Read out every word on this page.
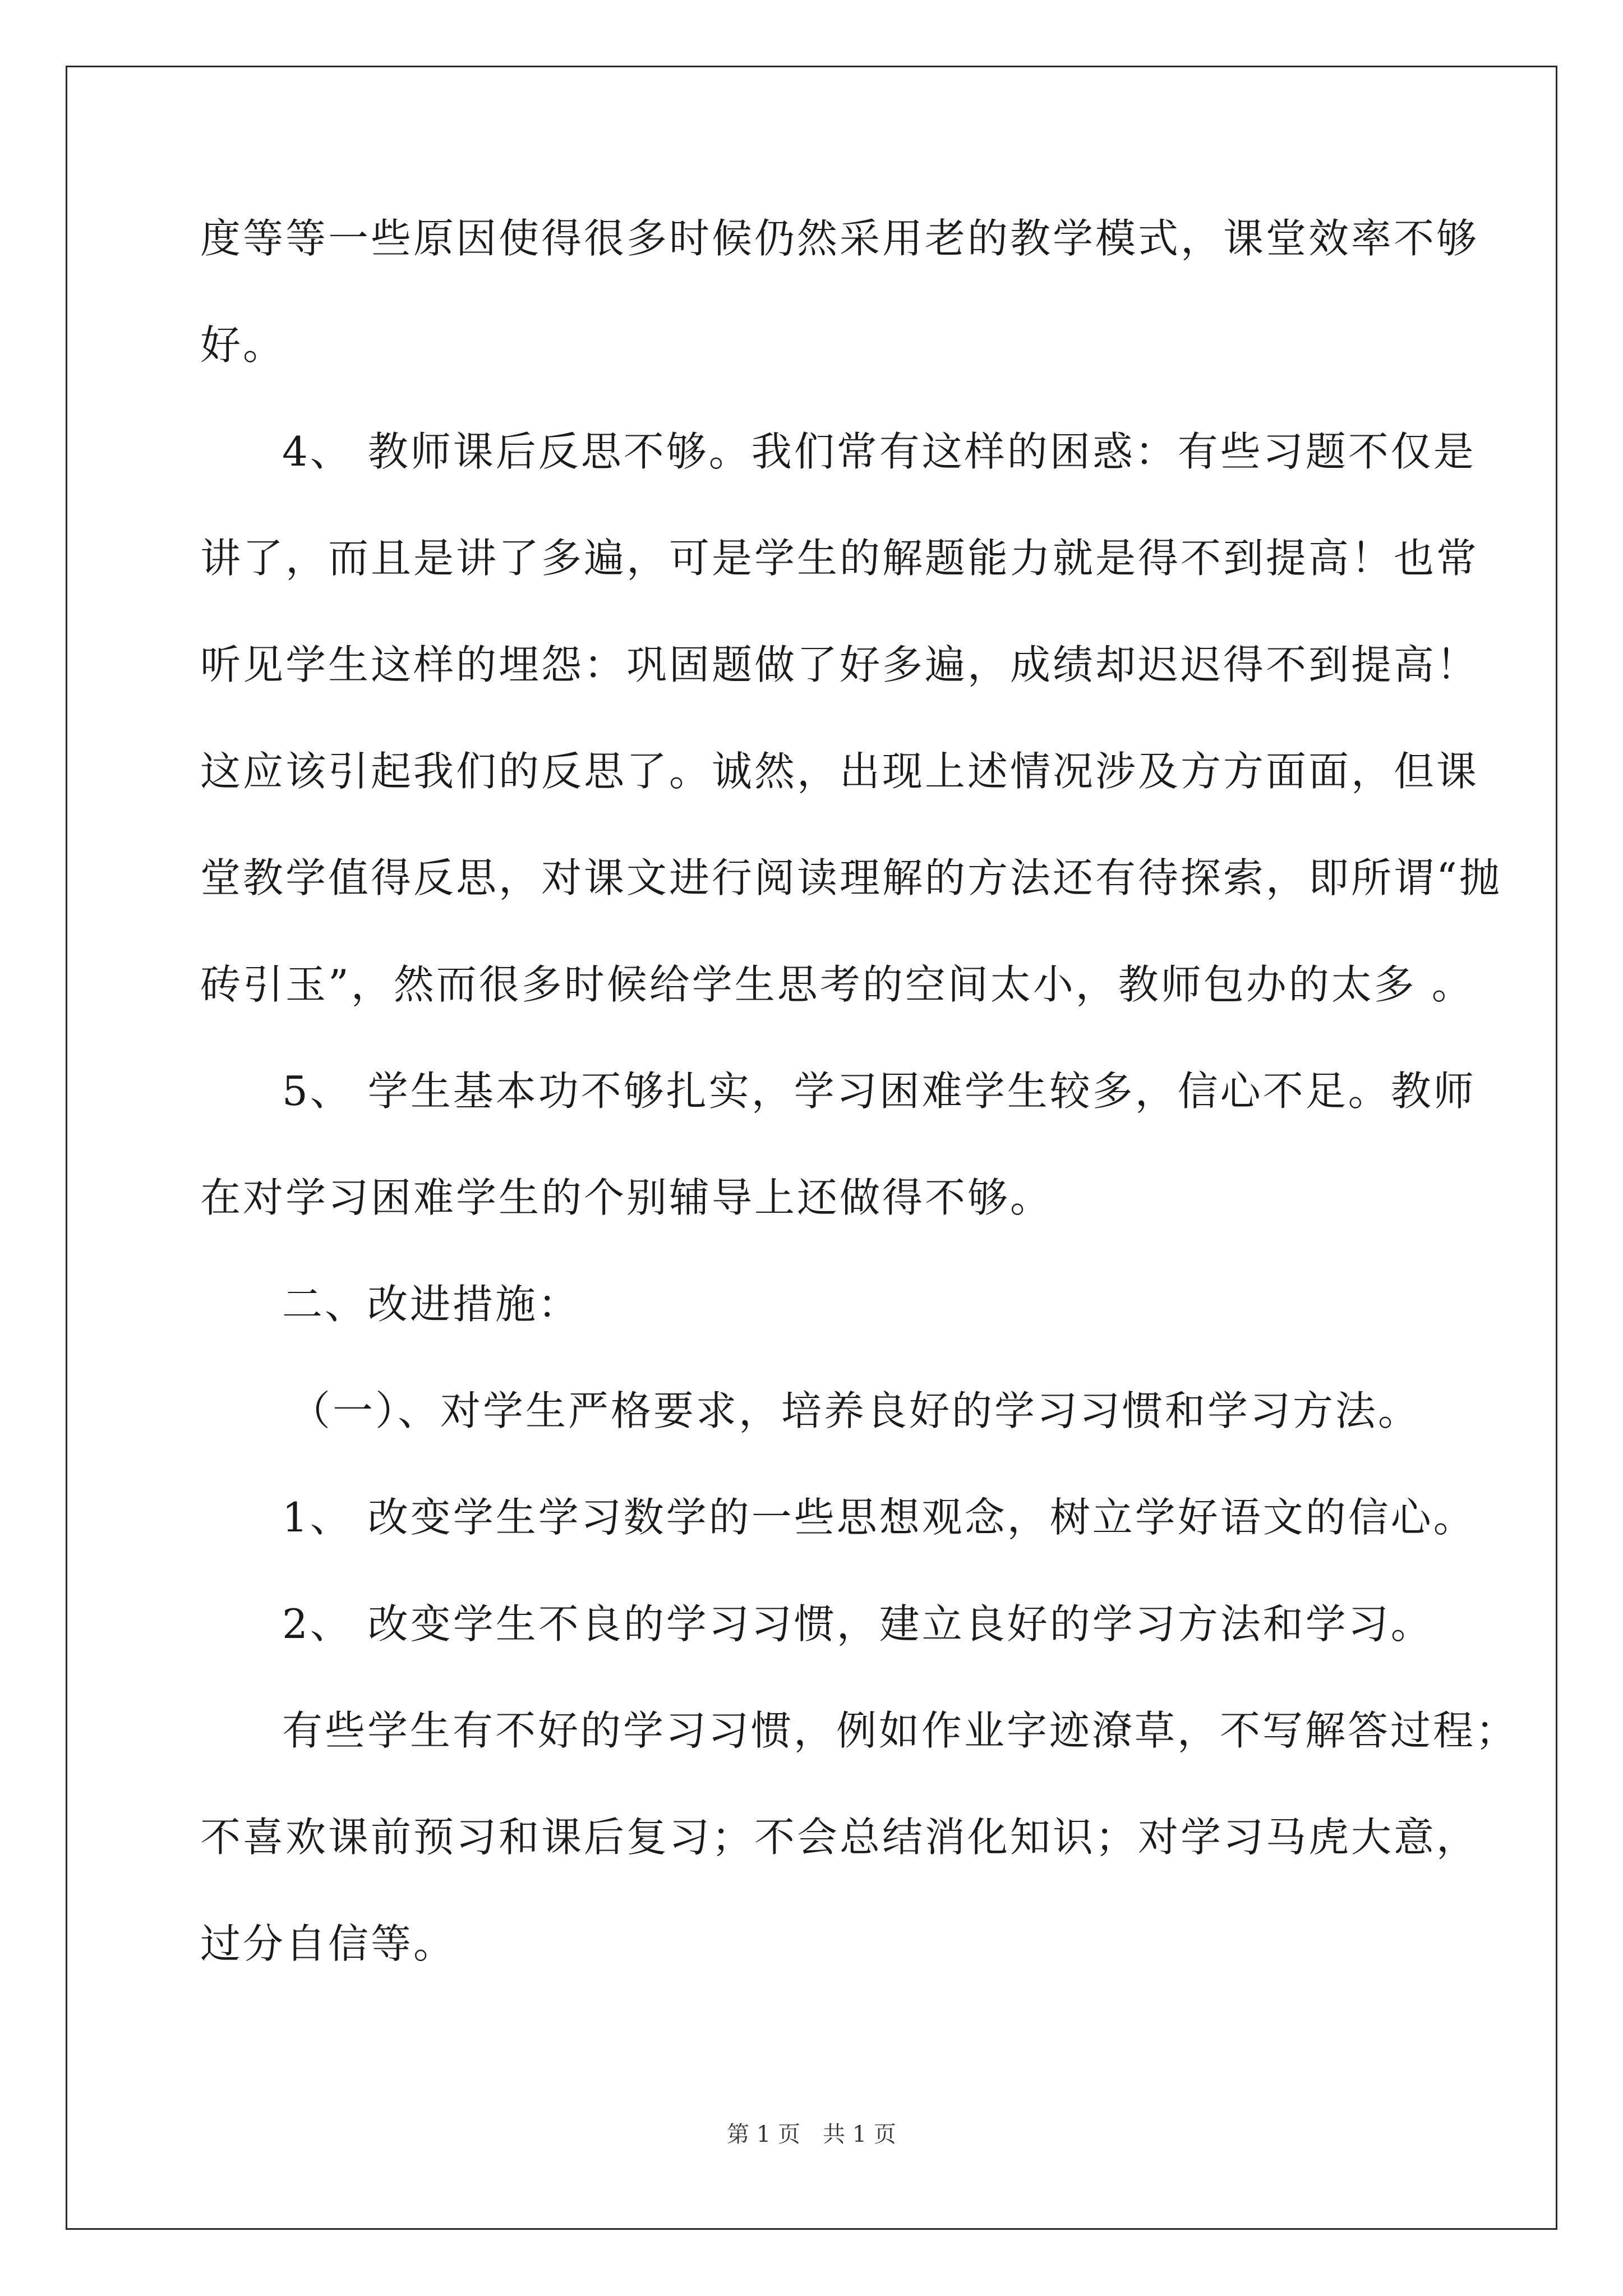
度等等一些原因使得很多时候仍然采用老的教学模式，课堂效率不够
好。
4、 教师课后反思不够。我们常有这样的困惑：有些习题不仅是
讲了，而且是讲了多遍，可是学生的解题能力就是得不到提高！也常
听见学生这样的埋怨：巩固题做了好多遍，成绩却迟迟得不到提高！
这应该引起我们的反思了。诚然，出现上述情况涉及方方面面，但课
堂教学值得反思，对课文进行阅读理解的方法还有待探索，即所谓“抛
砖引玉”，然而很多时候给学生思考的空间太小，教师包办的太多 。
5、 学生基本功不够扎实，学习困难学生较多，信心不足。教师
在对学习困难学生的个别辅导上还做得不够。
二、改进措施：
（一）、对学生严格要求，培养良好的学习习惯和学习方法。
1、 改变学生学习数学的一些思想观念，树立学好语文的信心。
2、 改变学生不良的学习习惯，建立良好的学习方法和学习。
有些学生有不好的学习习惯，例如作业字迹潦草，不写解答过程；
不喜欢课前预习和课后复习；不会总结消化知识；对学习马虎大意，
过分自信等。
第 1 页　共 1 页
